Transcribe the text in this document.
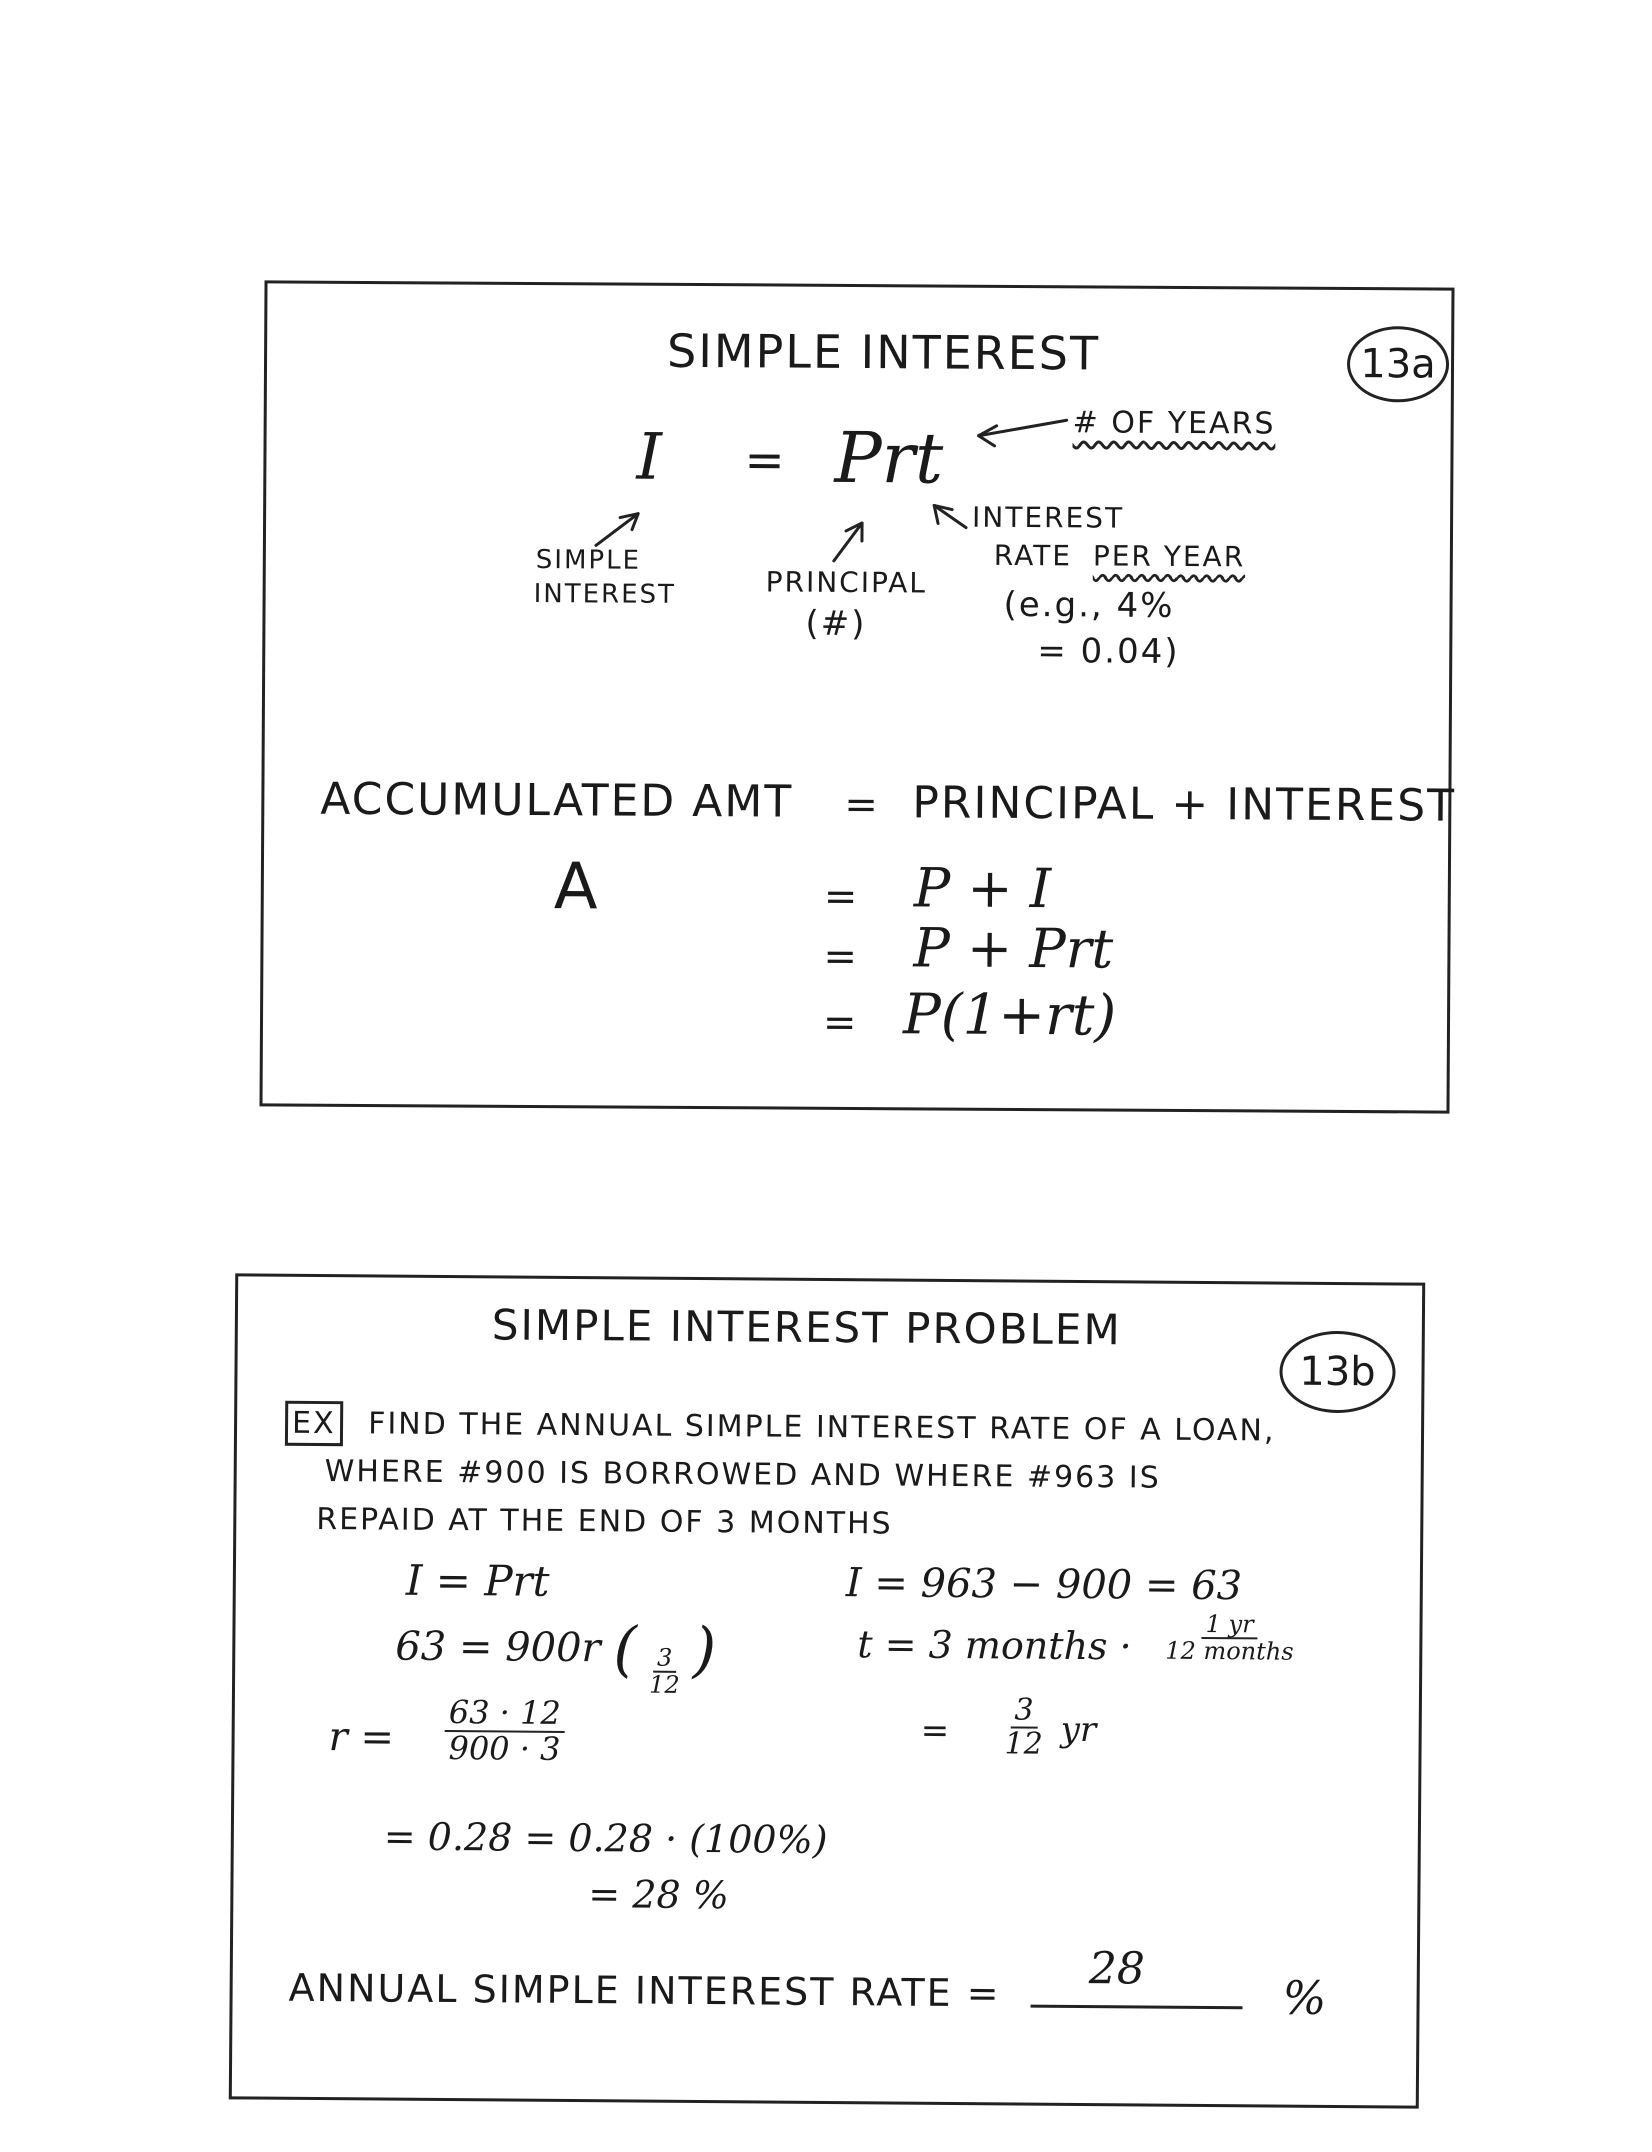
SIMPLE INTEREST	13a
I = Prt	# OF YEARS
SIMPLE
INTEREST	PRINCIPAL
(#)
INTEREST
RATE PER YEAR
(e.g., 4%
= 0.04)
ACCUMULATED AMT = PRINCIPAL + INTEREST
A	= P + I
= P + Prt
= P(1+rt)
SIMPLE INTEREST PROBLEM
13b
EX FIND THE ANNUAL SIMPLE INTEREST RATE OF A LOAN,
WHERE #900 IS BORROWED AND WHERE #963 IS
REPAID AT THE END OF 3 MONTHS
I = Prt
63 = 900r ( $\frac{3}{12}$ )
$r = \frac{63 \cdot 12}{900 \cdot 3}$
= 0.28 = 0.28 · (100%)
= 28 %
I = 963 − 900 = 63
t = 3 months ·	1 yr
12 months
= $\frac{3}{12}$ yr
ANNUAL SIMPLE INTEREST RATE = 28
%
